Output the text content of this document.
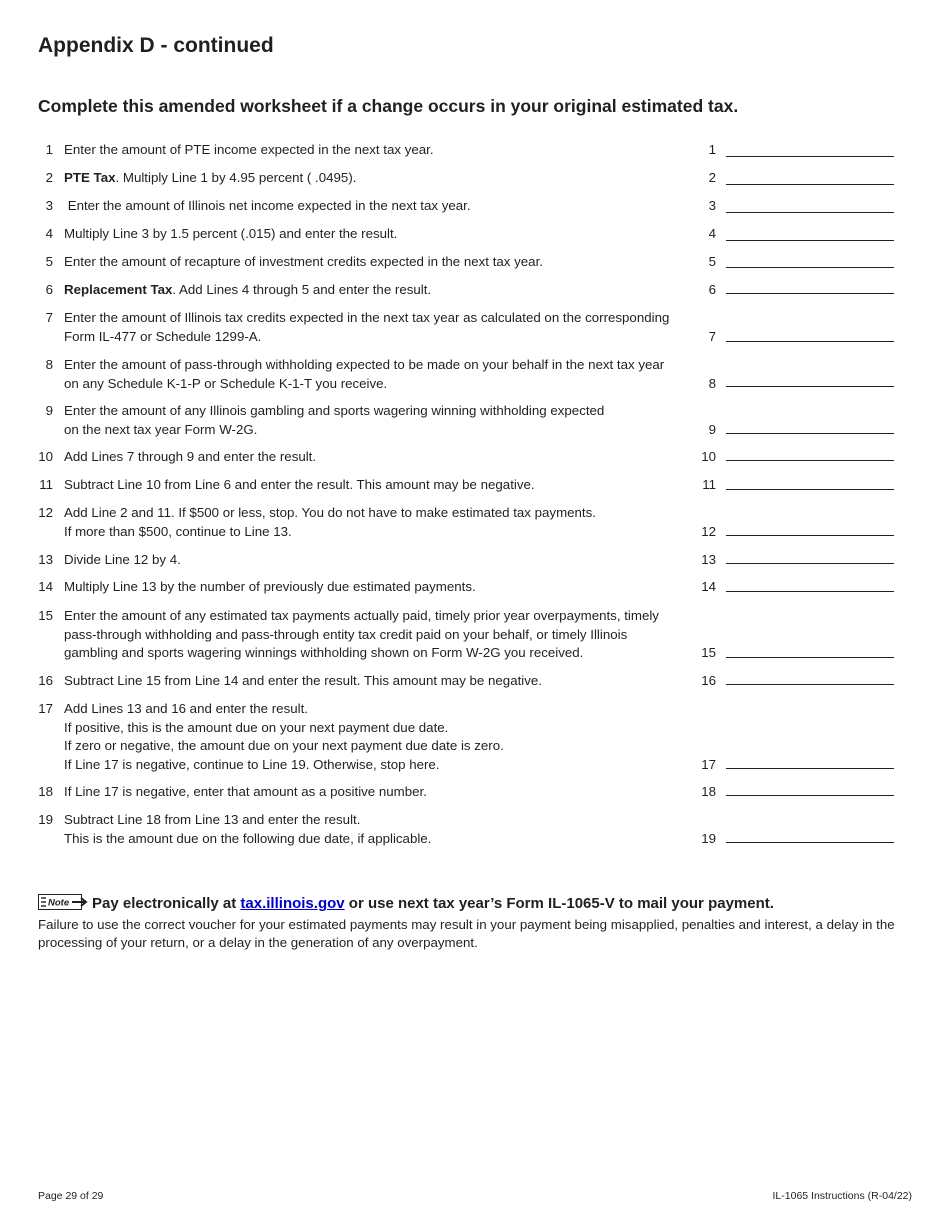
Appendix D - continued
Complete this amended worksheet if a change occurs in your original estimated tax.
1 Enter the amount of PTE income expected in the next tax year.	1
2 PTE Tax. Multiply Line 1 by 4.95 percent ( .0495).	2
3 Enter the amount of Illinois net income expected in the next tax year.	3
4 Multiply Line 3 by 1.5 percent (.015) and enter the result.	4
5 Enter the amount of recapture of investment credits expected in the next tax year.	5
6 Replacement Tax. Add Lines 4 through 5 and enter the result.	6
7 Enter the amount of Illinois tax credits expected in the next tax year as calculated on the corresponding
Form IL-477 or Schedule 1299-A.	7
8 Enter the amount of pass-through withholding expected to be made on your behalf in the next tax year
on any Schedule K-1-P or Schedule K-1-T you receive.	8
9 Enter the amount of any Illinois gambling and sports wagering winning withholding expected
on the next tax year Form W-2G.	9
10 Add Lines 7 through 9 and enter the result.	10
11 Subtract Line 10 from Line 6 and enter the result. This amount may be negative.	11
12 Add Line 2 and 11. If $500 or less, stop. You do not have to make estimated tax payments.
If more than $500, continue to Line 13.	12
13 Divide Line 12 by 4.	13
14 Multiply Line 13 by the number of previously due estimated payments.	14
15 Enter the amount of any estimated tax payments actually paid, timely prior year overpayments, timely
pass-through withholding and pass-through entity tax credit paid on your behalf, or timely Illinois
gambling and sports wagering winnings withholding shown on Form W-2G you received.	15
16 Subtract Line 15 from Line 14 and enter the result. This amount may be negative.	16
17 Add Lines 13 and 16 and enter the result.
If positive, this is the amount due on your next payment due date.
If zero or negative, the amount due on your next payment due date is zero.
If Line 17 is negative, continue to Line 19. Otherwise, stop here.	17
18 If Line 17 is negative, enter that amount as a positive number.	18
19 Subtract Line 18 from Line 13 and enter the result.
This is the amount due on the following due date, if applicable.	19
Note Pay electronically at tax.illinois.gov or use next tax year’s Form IL-1065-V to mail your payment.
Failure to use the correct voucher for your estimated payments may result in your payment being misapplied, penalties and interest, a delay in the processing of your return, or a delay in the generation of any overpayment.
Page 29 of 29	IL-1065 Instructions (R-04/22)
